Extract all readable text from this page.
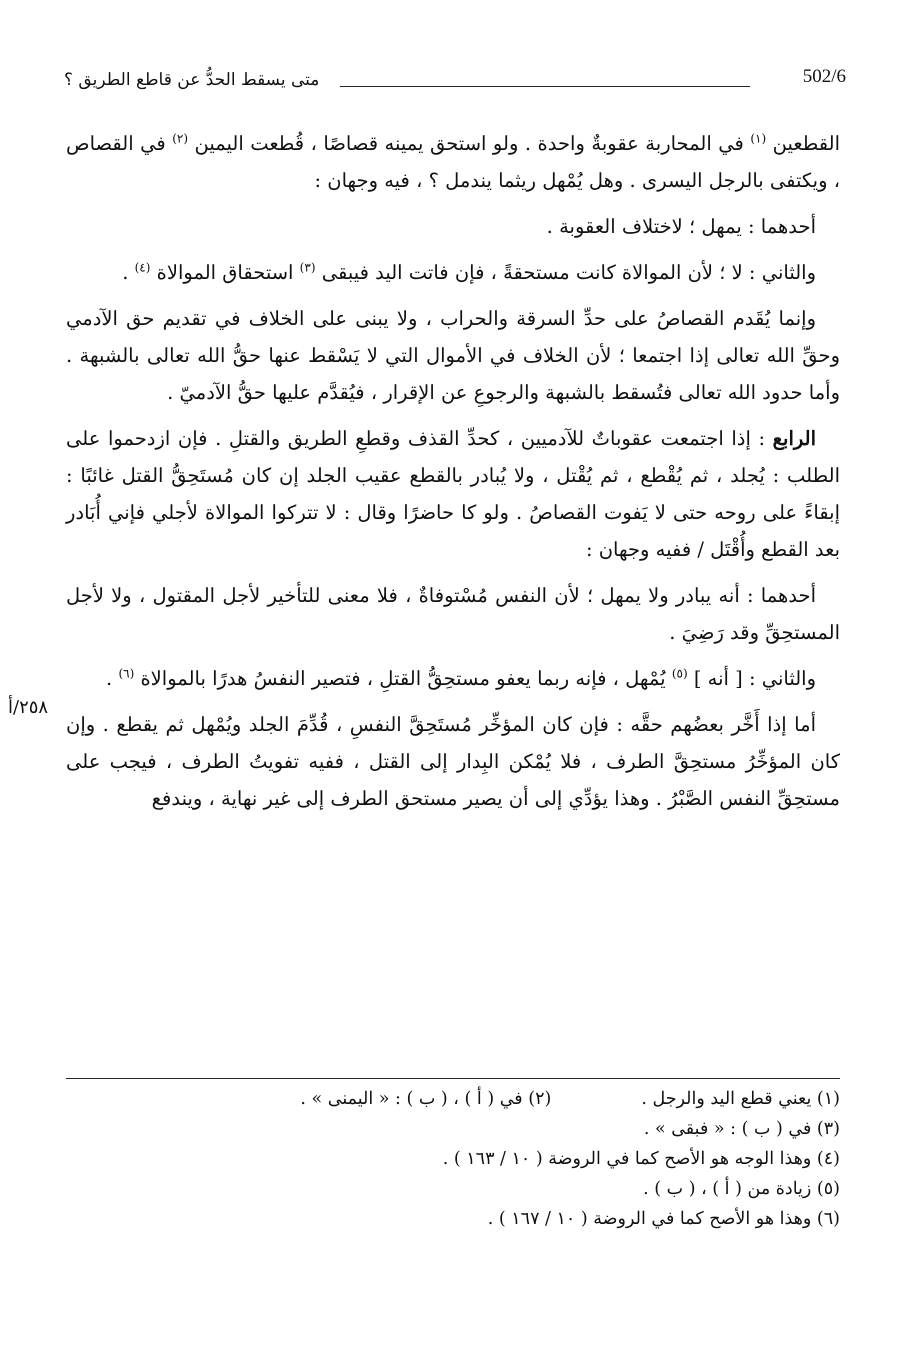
متى يسقط الحدُّ عن قاطع الطريق ؟	502/6
٢٥٨/أ

القطعين $^{(١)}$ في المحاربة عقوبةٌ واحدة . ولو استحق يمينه قصاصًا ، قُطعت اليمين $^{(٢)}$ في القصاص ، ويكتفى بالرجل اليسرى . وهل يُمْهل ريثما يندمل ؟ ، فيه وجهان :

أحدهما : يمهل ؛ لاختلاف العقوبة .

والثاني : لا ؛ لأن الموالاة كانت مستحقةً ، فإن فاتت اليد فيبقى $^{(٣)}$ استحقاق الموالاة $^{(٤)}$ .

وإنما يُقَدم القصاصُ على حدِّ السرقة والحراب ، ولا يبنى على الخلاف في تقديم حق الآدمي وحقِّ الله تعالى إذا اجتمعا ؛ لأن الخلاف في الأموال التي لا يَسْقط عنها حقُّ الله تعالى بالشبهة . وأما حدود الله تعالى فتُسقط بالشبهة والرجوعِ عن الإقرار ، فيُقدَّم عليها حقُّ الآدميّ .

الرابع : إذا اجتمعت عقوباتٌ للآدميين ، كحدِّ القذف وقطعِ الطريق والقتلِ . فإن ازدحموا على الطلب : يُجلد ، ثم يُقْطع ، ثم يُقْتل ، ولا يُبادر بالقطع عقيب الجلد إن كان مُستَحِقُّ القتل غائبًا : إبقاءً على روحه حتى لا يَفوت القصاصُ . ولو كا حاضرًا وقال : لا تتركوا الموالاة لأجلي فإني أُبَادر بعد القطع وأُقْتَل / ففيه وجهان :

أحدهما : أنه يبادر ولا يمهل ؛ لأن النفس مُسْتوفاةٌ ، فلا معنى للتأخير لأجل المقتول ، ولا لأجل المستحِقِّ وقد رَضِيَ .

والثاني : [ أنه ] $^{(٥)}$ يُمْهل ، فإنه ربما يعفو مستحِقُّ القتلِ ، فتصير النفسُ هدرًا بالموالاة $^{(٦)}$ .

أما إذا أَخَّر بعضُهم حقَّه : فإن كان المؤخِّر مُستَحِقَّ النفسِ ، قُدِّمَ الجلد ويُمْهل ثم يقطع . وإن كان المؤخِّرُ مستحِقَّ الطرف ، فلا يُمْكن البِدار إلى القتل ، ففيه تفويتُ الطرف ، فيجب على مستحِقِّ النفس الصَّبْرُ . وهذا يؤدِّي إلى أن يصير مستحق الطرف إلى غير نهاية ، ويندفع

(١) يعني قطع اليد والرجل .
(٢) في ( أ ) ، ( ب ) : « اليمنى » .
(٣) في ( ب ) : « فبقى » .
(٤) وهذا الوجه هو الأصح كما في الروضة ( ١٠ / ١٦٣ ) .
(٥) زيادة من ( أ ) ، ( ب ) .
(٦) وهذا هو الأصح كما في الروضة ( ١٠ / ١٦٧ ) .
